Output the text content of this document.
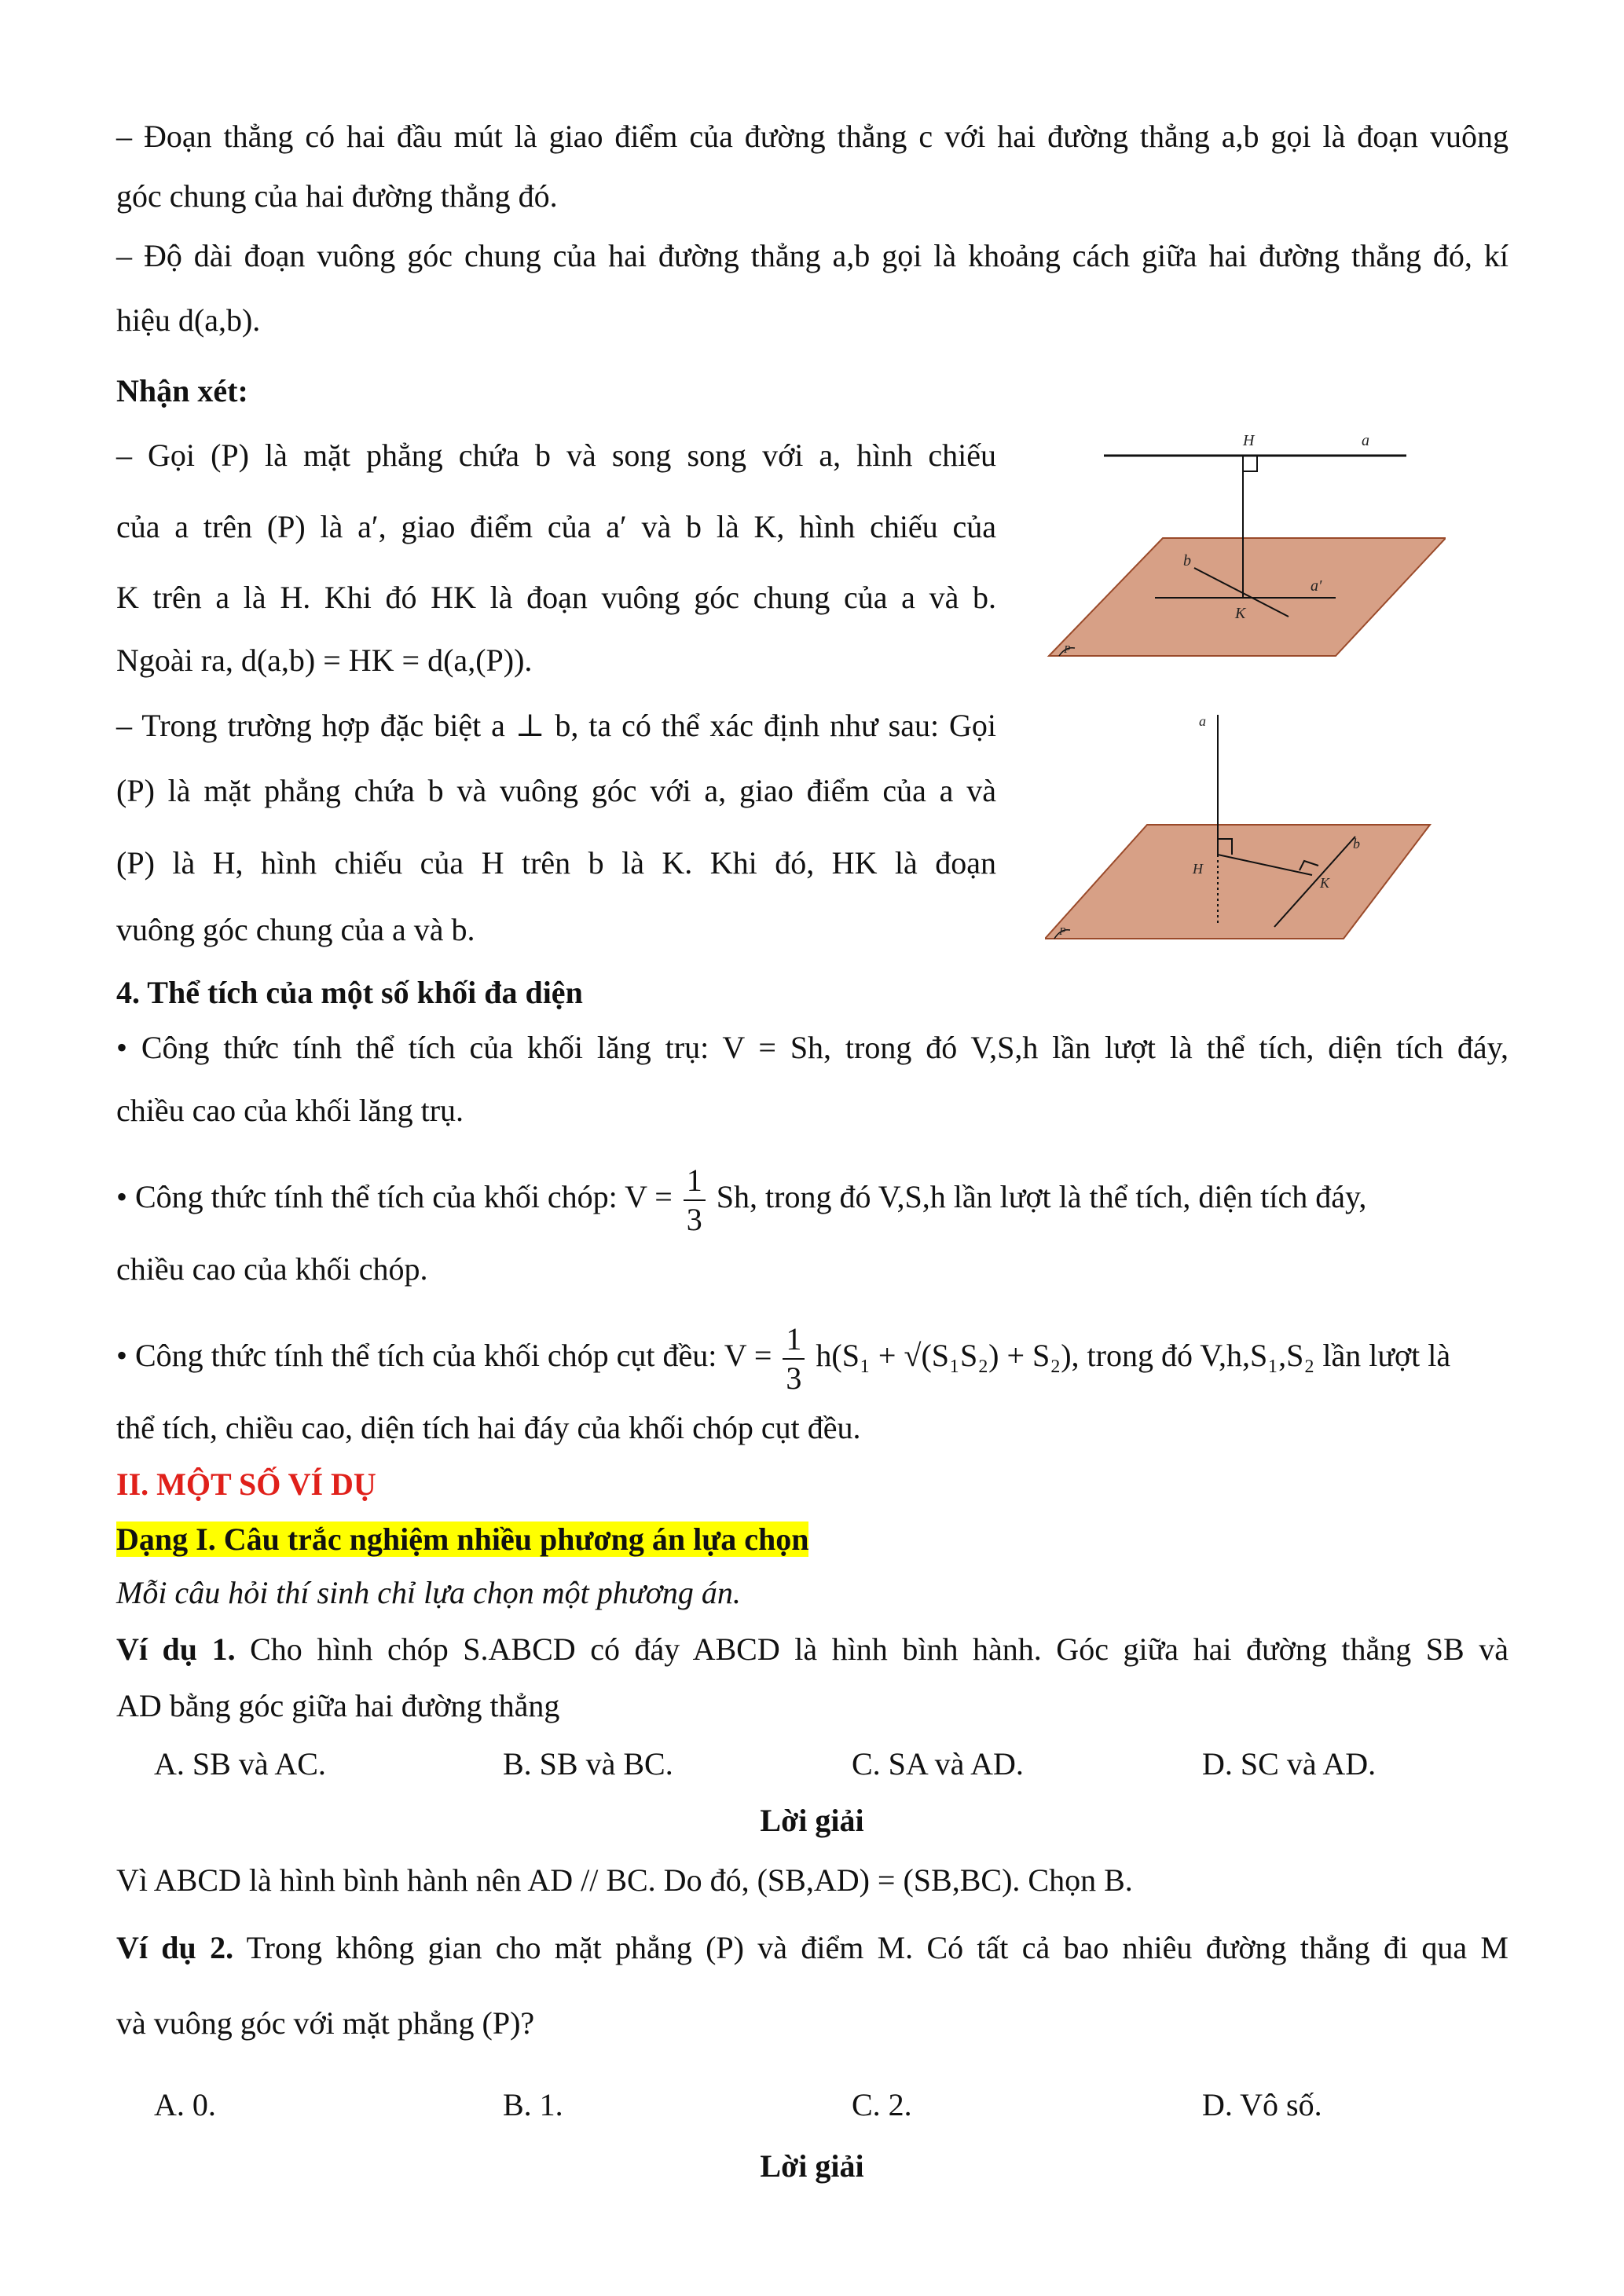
– Đoạn thẳng có hai đầu mút là giao điểm của đường thẳng c với hai đường thẳng a,b gọi là đoạn vuông
góc chung của hai đường thẳng đó.
– Độ dài đoạn vuông góc chung của hai đường thẳng a,b gọi là khoảng cách giữa hai đường thẳng đó, kí
hiệu d(a,b).
Nhận xét:
– Gọi (P) là mặt phẳng chứa b và song song với a, hình chiếu
của a trên (P) là a′, giao điểm của a′ và b là K, hình chiếu của
K trên a là H. Khi đó HK là đoạn vuông góc chung của a và b.
Ngoài ra, d(a,b) = HK = d(a,(P)).
– Trong trường hợp đặc biệt a ⊥ b, ta có thể xác định như sau: Gọi
(P) là mặt phẳng chứa b và vuông góc với a, giao điểm của a và
(P) là H, hình chiếu của H trên b là K. Khi đó, HK là đoạn
vuông góc chung của a và b.
H	a
b
a′
K
P
a
b
H
K
P
4. Thể tích của một số khối đa diện
• Công thức tính thể tích của khối lăng trụ: V = Sh, trong đó V,S,h lần lượt là thể tích, diện tích đáy,
chiều cao của khối lăng trụ.
• Công thức tính thể tích của khối chóp: $V = \frac{1}{3} Sh$, trong đó V,S,h lần lượt là thể tích, diện tích đáy,
chiều cao của khối chóp.
• Công thức tính thể tích của khối chóp cụt đều: $V = \frac{1}{3} h(S_1 + √(S_1S_2) + S_2)$, trong đó V,h,S₁,S₂ lần lượt là
thể tích, chiều cao, diện tích hai đáy của khối chóp cụt đều.
II. MỘT SỐ VÍ DỤ
Dạng I. Câu trắc nghiệm nhiều phương án lựa chọn
Mỗi câu hỏi thí sinh chỉ lựa chọn một phương án.
Ví dụ 1. Cho hình chóp S.ABCD có đáy ABCD là hình bình hành. Góc giữa hai đường thẳng SB và
AD bằng góc giữa hai đường thẳng
A. SB và AC.	B. SB và BC.	C. SA và AD.	D. SC và AD.
Lời giải
Vì ABCD là hình bình hành nên AD // BC. Do đó, (SB,AD) = (SB,BC). Chọn B.
Ví dụ 2. Trong không gian cho mặt phẳng (P) và điểm M. Có tất cả bao nhiêu đường thẳng đi qua M
và vuông góc với mặt phẳng (P)?
A. 0.	B. 1.	C. 2.	D. Vô số.
Lời giải
